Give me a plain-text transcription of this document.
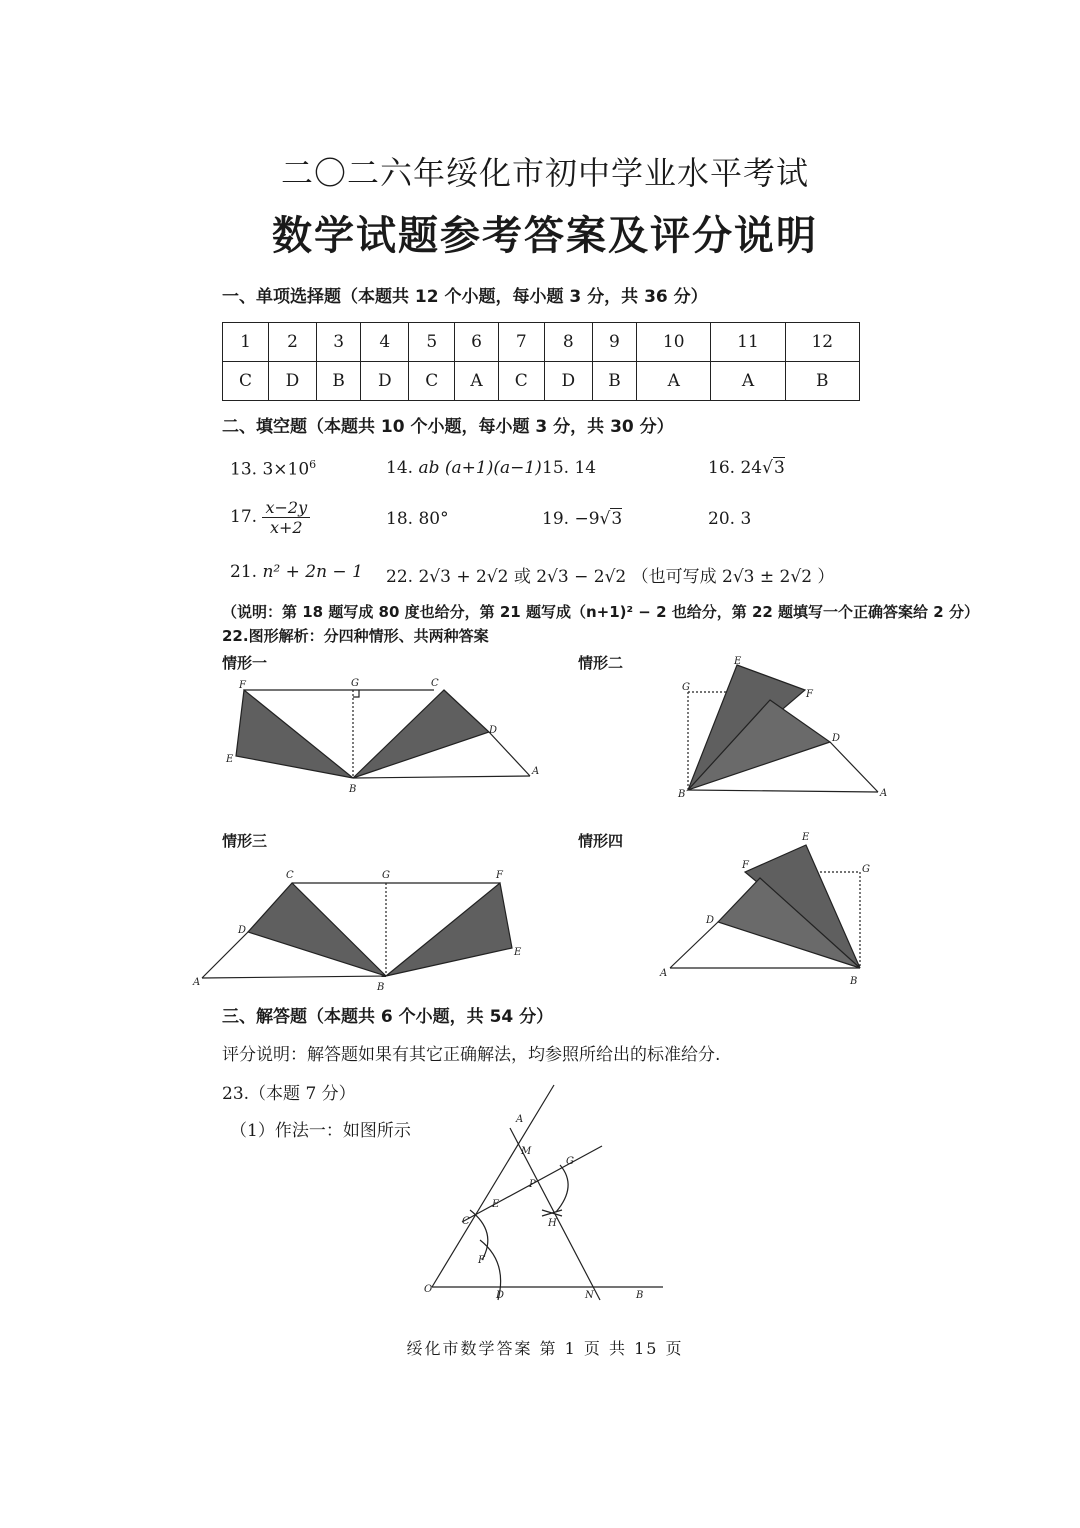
二〇二六年绥化市初中学业水平考试
数学试题参考答案及评分说明
一、单项选择题（本题共 12 个小题，每小题 3 分，共 36 分）
1	2	3	4	5	6	7	8	9	10	11	12
C	D	B	D	C	A	C	D	B	A	A	B
二、填空题（本题共 10 个小题，每小题 3 分，共 30 分）
13. $3\times 10^6$	14. ab (a+1)(a−1) 15. 14	16. 24√3
17. $\frac{x-2y}{x+2}$	18. 80°	19. −9√3	20. 3
21. n² + 2n − 1 22. 2√3 + 2√2 或 2√3 − 2√2 （也可写成 2√3 ± 2√2 ）
（说明：第 18 题写成 80 度也给分，第 21 题写成（n+1)² − 2 也给分，第 22 题填写一个正确答案给 2 分）
22.图形解析：分四种情形、共两种答案
情形一	情形二
情形三	情形四
F	G	C
E
D
B
A
E
G
F
D
B	A
C	G	F
D
E
A	B
E
F	G
D
A
B
A
M
G
P
E
H
C
F
O
D	N	B
三、解答题（本题共 6 个小题，共 54 分）
评分说明：解答题如果有其它正确解法，均参照所给出的标准给分.
23.（本题 7 分）
（1）作法一：如图所示
绥化市数学答案 第 1 页 共 15 页
